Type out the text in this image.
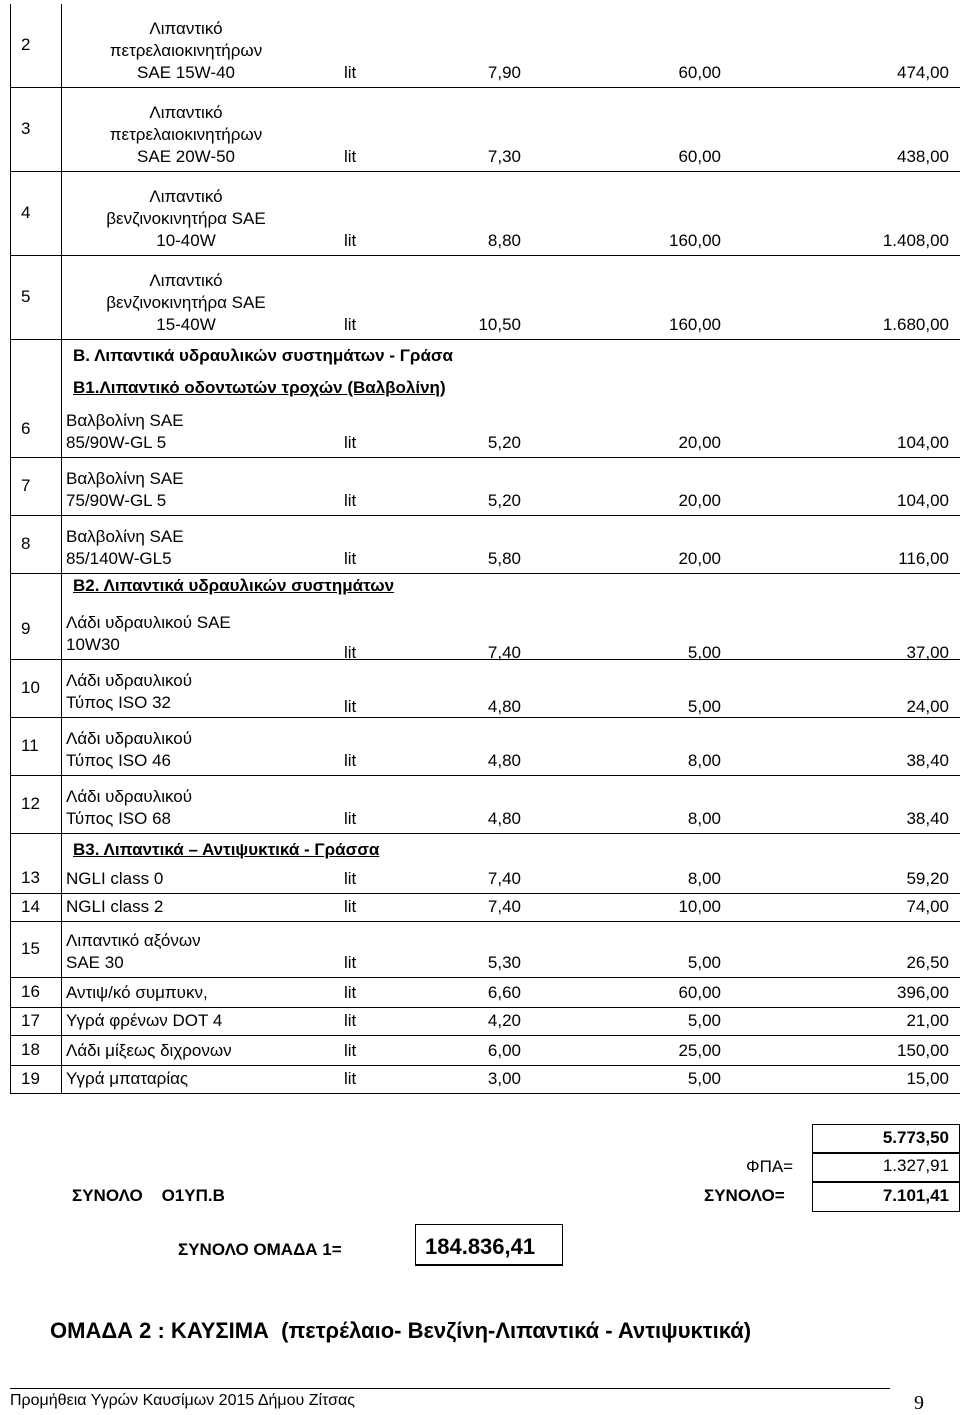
2
Λιπαντικό
πετρελαιοκινητήρων
SAE 15W-40	lit	7,90	60,00	474,00
3
Λιπαντικό
πετρελαιοκινητήρων
SAE 20W-50	lit	7,30	60,00	438,00
4
Λιπαντικό
βενζινοκινητήρα SAE
10-40W	lit	8,80	160,00	1.408,00
5
Λιπαντικό
βενζινοκινητήρα SAE
15-40W	lit	10,50	160,00	1.680,00
Β. Λιπαντικά υδραυλικών συστημάτων - Γράσα
Β1.Λιπαντικό οδοντωτών τροχών (Βαλβολίνη)
6	Βαλβολίνη SAE
85/90W-GL 5	lit	5,20	20,00	104,00
7	Βαλβολίνη SAE
75/90W-GL 5	lit	5,20	20,00	104,00
8	Βαλβολίνη SAE
85/140W-GL5	lit	5,80	20,00	116,00
Β2. Λιπαντικά υδραυλικών συστημάτων
9	Λάδι υδραυλικού SAE
10W30	lit	7,40	5,00	37,00
10	Λάδι υδραυλικού
Τύπος ISO 32	lit	4,80	5,00	24,00
11	Λάδι υδραυλικού
Τύπος ISO 46	lit	4,80	8,00	38,40
12	Λάδι υδραυλικού
Τύπος ISO 68	lit	4,80	8,00	38,40
Β3. Λιπαντικά – Αντιψυκτικά - Γράσσα
13	NGLI class 0	lit	7,40	8,00	59,20
14	NGLI class 2	lit	7,40	10,00	74,00
15	Λιπαντικό αξόνων
SAE 30	lit	5,30	5,00	26,50
16	Αντιψ/κό συμπυκν,	lit	6,60	60,00	396,00
17	Υγρά φρένων DOT 4	lit	4,20	5,00	21,00
18	Λάδι μίξεως διχρονων	lit	6,00	25,00	150,00
19	Υγρά μπαταρίας	lit	3,00	5,00	15,00
5.773,50
ΦΠΑ=	1.327,91
ΣΥΝΟΛΟ=	7.101,41
ΣΥΝΟΛΟ    Ο1ΥΠ.Β
ΣΥΝΟΛΟ ΟΜΑΔΑ 1=	184.836,41
ΟΜΑΔΑ 2 : ΚΑΥΣΙΜΑ  (πετρέλαιο- Βενζίνη-Λιπαντικά - Αντιψυκτικά)
Προμήθεια Υγρών Καυσίμων 2015 Δήμου Ζίτσας	9
